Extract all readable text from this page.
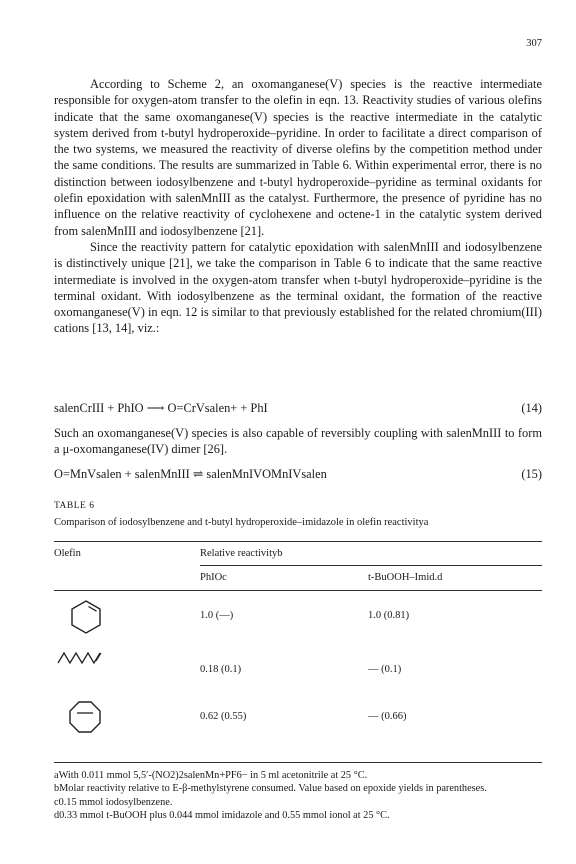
307

According to Scheme 2, an oxomanganese(V) species is the reactive intermediate responsible for oxygen-atom transfer to the olefin in eqn. 13. Reactivity studies of various olefins indicate that the same oxomanganese(V) species is the reactive intermediate in the catalytic system derived from t-butyl hydroperoxide–pyridine. In order to facilitate a direct comparison of the two systems, we measured the reactivity of diverse olefins by the competition method under the same conditions. The results are summarized in Table 6. Within experimental error, there is no distinction between iodosylbenzene and t-butyl hydroperoxide–pyridine as terminal oxidants for olefin epoxidation with salenMnIII as the catalyst. Furthermore, the presence of pyridine has no influence on the relative reactivity of cyclohexene and octene-1 in the catalytic system derived from salenMnIII and iodosylbenzene [21].

Since the reactivity pattern for catalytic epoxidation with salenMnIII and iodosylbenzene is distinctively unique [21], we take the comparison in Table 6 to indicate that the same reactive intermediate is involved in the oxygen-atom transfer when t-butyl hydroperoxide–pyridine is the terminal oxidant. With iodosylbenzene as the terminal oxidant, the formation of the reactive oxomanganese(V) in eqn. 12 is similar to that previously established for the related chromium(III) cations [13, 14], viz.:

salenCrIII + PhIO ⟶ O=CrVsalen+ + PhI	(14)
Such an oxomanganese(V) species is also capable of reversibly coupling with salenMnIII to form a μ-oxomanganese(IV) dimer [26].
O=MnVsalen + salenMnIII ⇌ salenMnIVOMnIVsalen	(15)
TABLE 6
Comparison of iodosylbenzene and t-butyl hydroperoxide–imidazole in olefin reactivitya
Olefin	Relative reactivityb
PhIOc	t-BuOOH–Imid.d
1.0 (—)	1.0 (0.81)
0.18 (0.1)	— (0.1)
0.62 (0.55)	— (0.66)
aWith 0.011 mmol 5,5′-(NO2)2salenMn+PF6− in 5 ml acetonitrile at 25 °C.
bMolar reactivity relative to E-β-methylstyrene consumed. Value based on epoxide yields in parentheses.
c0.15 mmol iodosylbenzene.
d0.33 mmol t-BuOOH plus 0.044 mmol imidazole and 0.55 mmol ionol at 25 °C.
